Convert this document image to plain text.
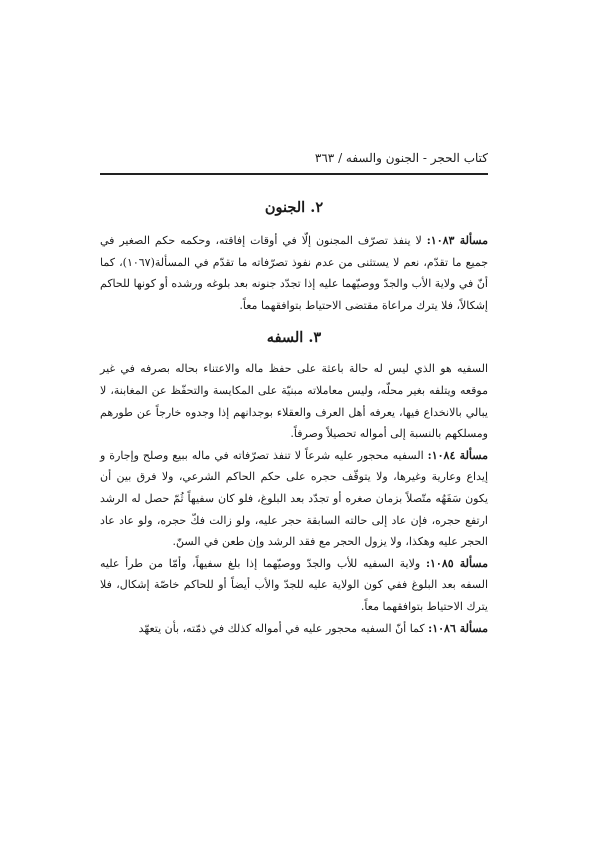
كتاب الحجر - الجنون والسفه / ٣٦٣
٢. الجنون

مسألة ١٠٨٣: لا ينفذ تصرّف المجنون إلّا في أوقات إفاقته، وحكمه حكم الصغير في جميع ما تقدّم، نعم لا يستثنى من عدم نفوذ تصرّفاته ما تقدّم في المسألة(١٠٦٧)، كما أنّ في ولاية الأب والجدّ ووصيّهما عليه إذا تجدّد جنونه بعد بلوغه ورشده أو كونها للحاكم إشكالاً، فلا يترك مراعاة مقتضى الاحتياط بتوافقهما معاً.

٣. السفه

السفيه هو الذي ليس له حالة باعثة على حفظ ماله والاعتناء بحاله بصرفه في غير موقعه ويتلفه بغير محلّه، وليس معاملاته مبنيّة على المكايسة والتحفّظ عن المغابنة، لا يبالي بالانخداع فيها، يعرفه أهل العرف والعقلاء بوجدانهم إذا وجدوه خارجاً عن طورهم ومسلكهم بالنسبة إلى أمواله تحصيلاً وصرفاً.

مسألة ١٠٨٤: السفيه محجور عليه شرعاً لا تنفذ تصرّفاته في ماله ببيع وصلح وإجارة و إيداع وعارية وغيرها، ولا يتوقّف حجره على حكم الحاكم الشرعي، ولا فرق بين أن يكون سَفَهُه متّصلاً بزمان صغره أو تجدّد بعد البلوغ، فلو كان سفيهاً ثُمّ حصل له الرشد ارتفع حجره، فإن عاد إلى حالته السابقة حجر عليه، ولو زالت فكّ حجره، ولو عاد عاد الحجر عليه وهكذا، ولا يزول الحجر مع فقد الرشد وإن طعن في السنّ.

مسألة ١٠٨٥: ولاية السفيه للأب والجدّ ووصيّهما إذا بلغ سفيهاً، وأمّا من طرأ عليه السفه بعد البلوغ ففي كون الولاية عليه للجدّ والأب أيضاً أو للحاكم خاصّة إشكال، فلا يترك الاحتياط بتوافقهما معاً.

مسألة ١٠٨٦: كما أنّ السفيه محجور عليه في أمواله كذلك في ذمّته، بأن يتعهّد
